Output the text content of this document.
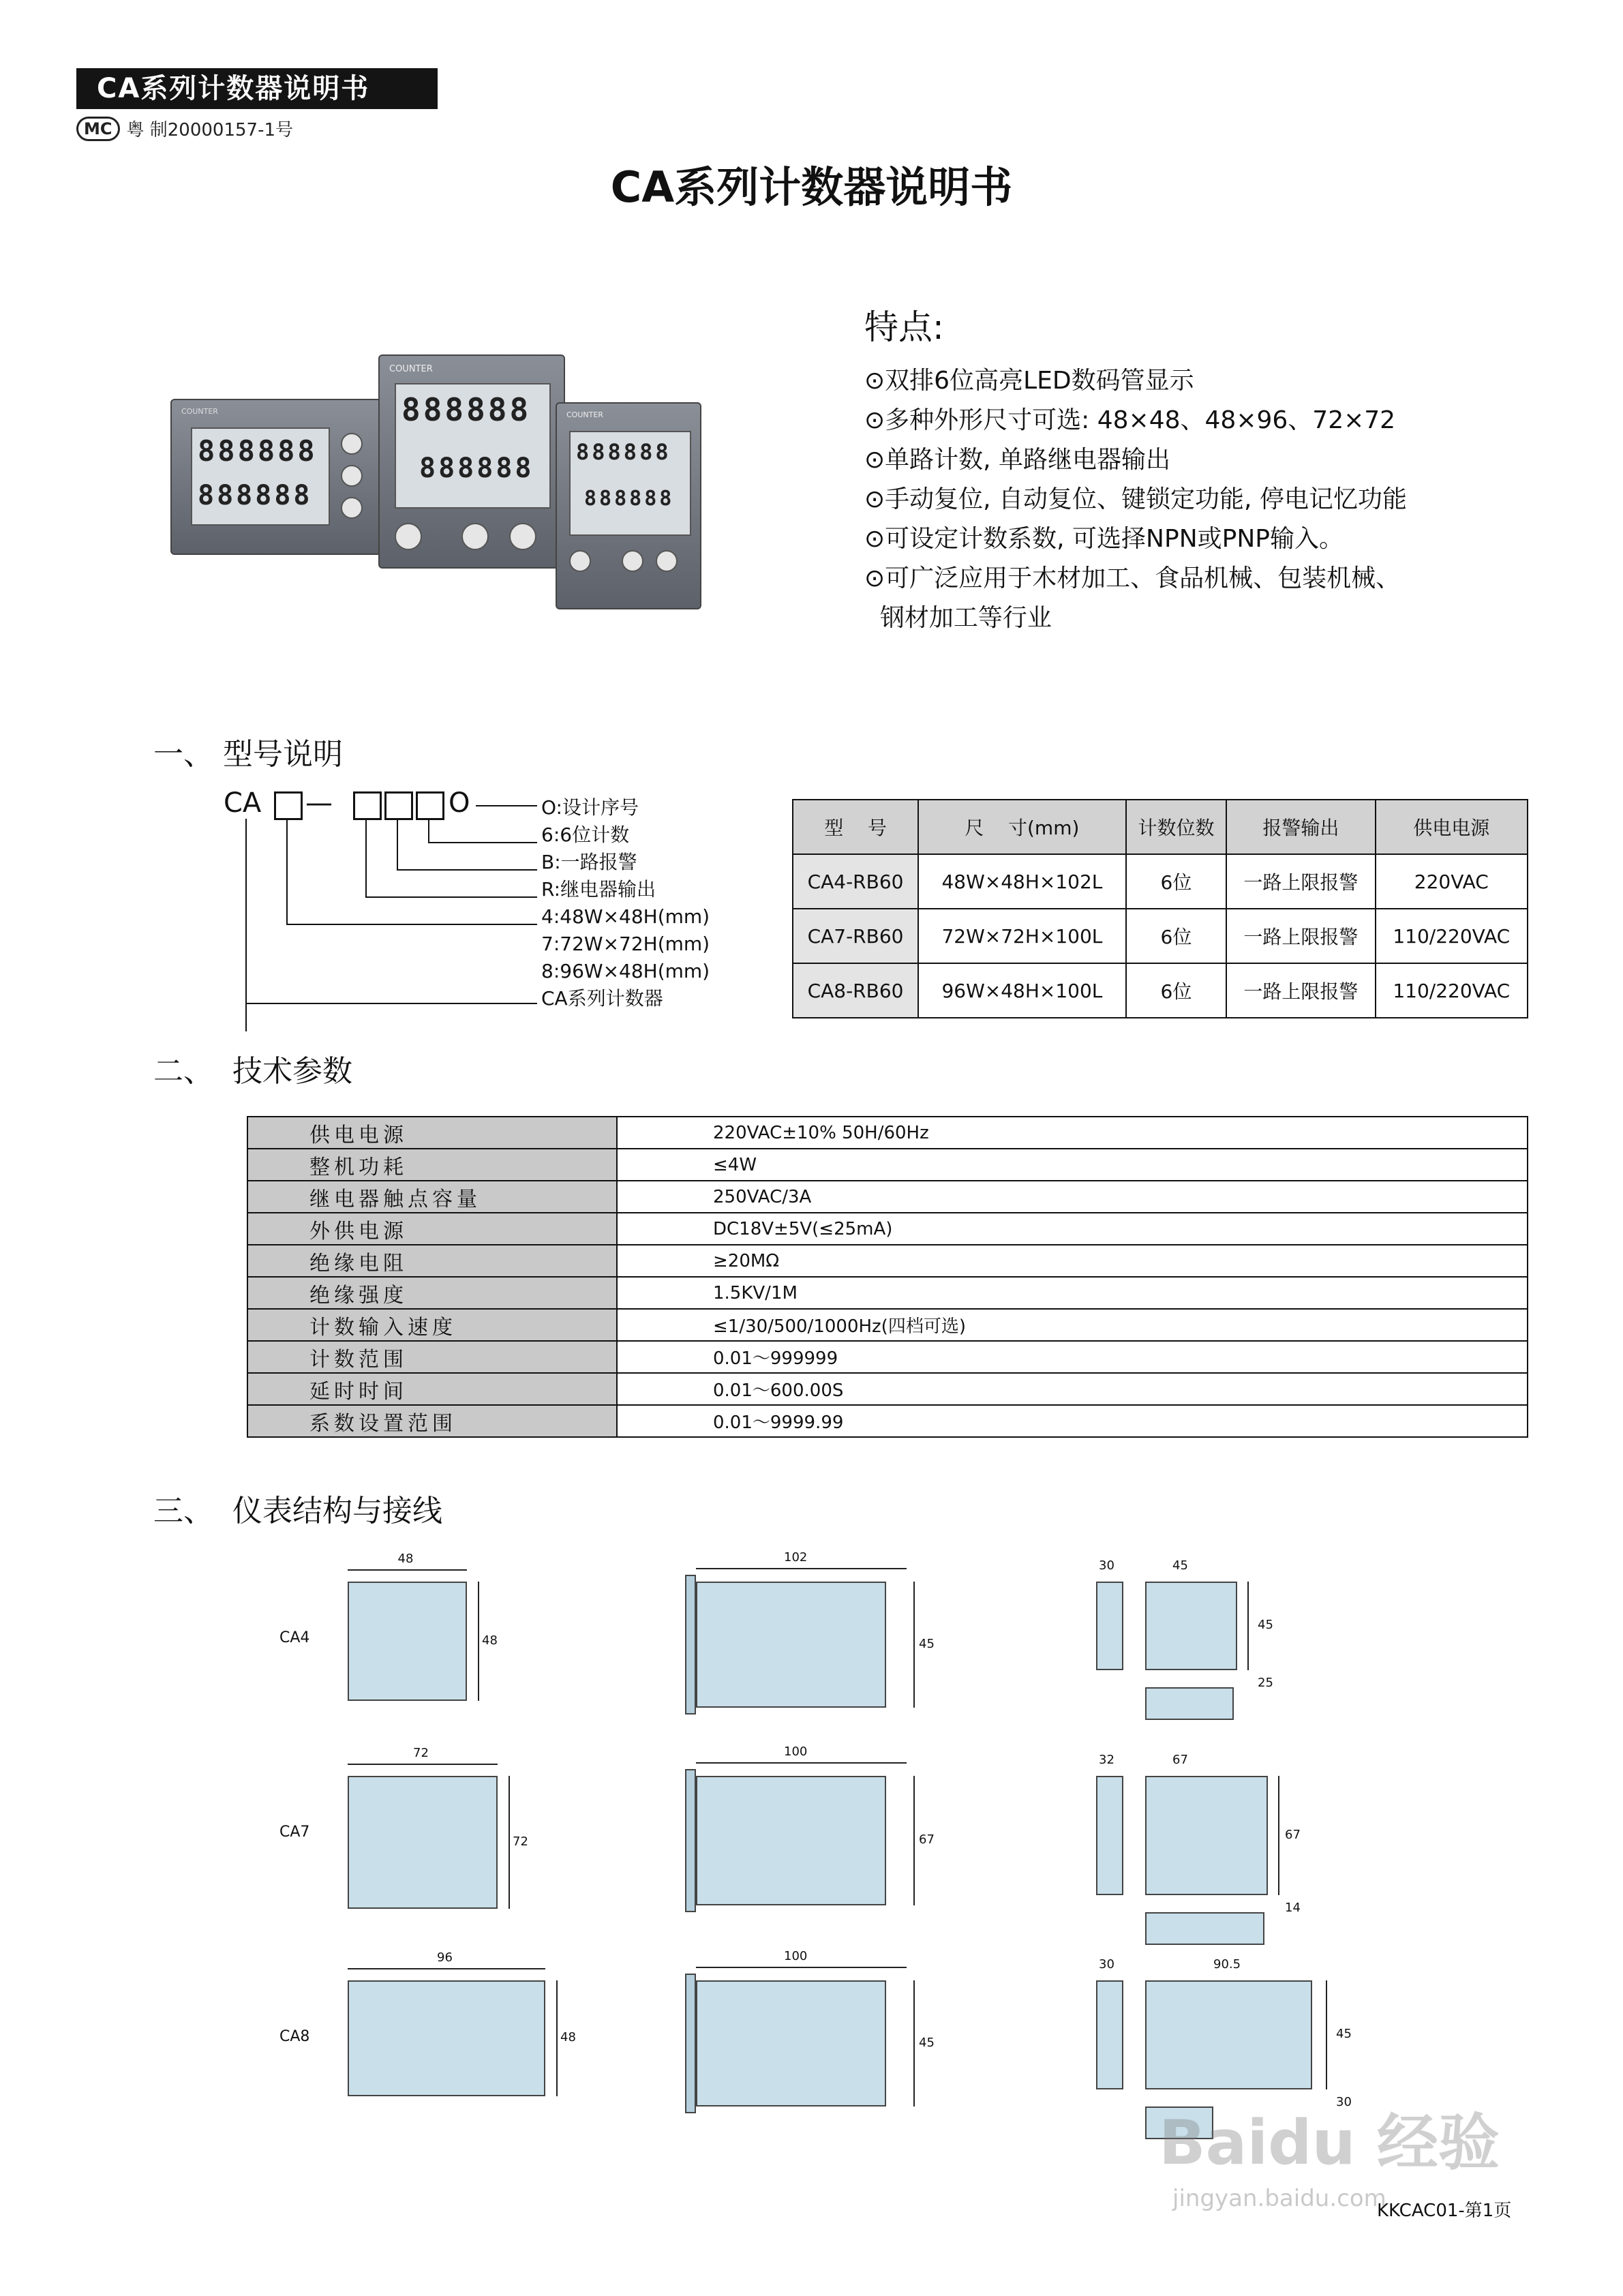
CA系列计数器说明书
MC 粤 制20000157-1号
CA系列计数器说明书
COUNTER
888888
888888
COUNTER
888888
888888
COUNTER
888888
888888
特点:
⊙双排6位高亮LED数码管显示
⊙多种外形尺寸可选: 48×48、48×96、72×72
⊙单路计数, 单路继电器输出
⊙手动复位, 自动复位、键锁定功能, 停电记忆功能
⊙可设定计数系数, 可选择NPN或PNP输入。
⊙可广泛应用于木材加工、食品机械、包装机械、
钢材加工等行业
一、 型号说明
CA —	O	O:设计序号
6:6位计数
B:一路报警
R:继电器输出
4:48W×48H(mm)
7:72W×72H(mm)
8:96W×48H(mm)
CA系列计数器
型    号	尺    寸(mm)	计数位数	报警输出	供电电源
CA4-RB60	48W×48H×102L	6位	一路上限报警	220VAC
CA7-RB60	72W×72H×100L	6位	一路上限报警	110/220VAC
CA8-RB60	96W×48H×100L	6位	一路上限报警	110/220VAC
二、  技术参数
供电电源	220VAC±10% 50H/60Hz
整机功耗	≤4W
继电器触点容量	250VAC/3A
外供电源	DC18V±5V(≤25mA)
绝缘电阻	≥20MΩ
绝缘强度	1.5KV/1M
计数输入速度	≤1/30/500/1000Hz(四档可选)
计数范围	0.01～999999
延时时间	0.01～600.00S
系数设置范围	0.01～9999.99
三、  仪表结构与接线
CA4
48
48
102
45
30	45
45
25
CA7
72
72
100
67
32	67
67
14
CA8
96
48
100
45
30	90.5
45
30
KKCAC01-第1页
Baidu 经验
jingyan.baidu.com
